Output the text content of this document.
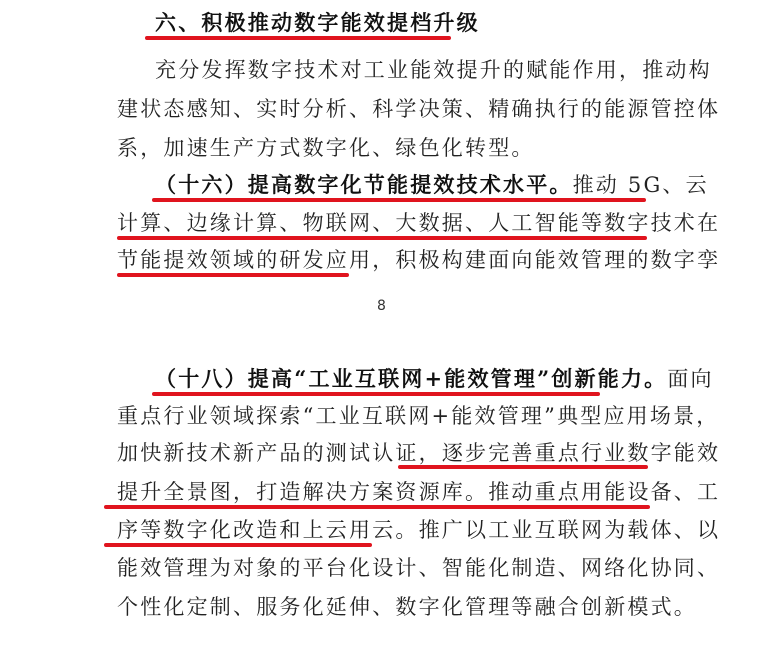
六、积极推动数字能效提档升级
充分发挥数字技术对工业能效提升的赋能作用，推动构
建状态感知、实时分析、科学决策、精确执行的能源管控体
系，加速生产方式数字化、绿色化转型。
（十六）提高数字化节能提效技术水平。推动 5G、云
计算、边缘计算、物联网、大数据、人工智能等数字技术在
节能提效领域的研发应用，积极构建面向能效管理的数字孪
8
（十八）提高“工业互联网+能效管理”创新能力。面向
重点行业领域探索“工业互联网+能效管理”典型应用场景，
加快新技术新产品的测试认证，逐步完善重点行业数字能效
提升全景图，打造解决方案资源库。推动重点用能设备、工
序等数字化改造和上云用云。推广以工业互联网为载体、以
能效管理为对象的平台化设计、智能化制造、网络化协同、
个性化定制、服务化延伸、数字化管理等融合创新模式。
